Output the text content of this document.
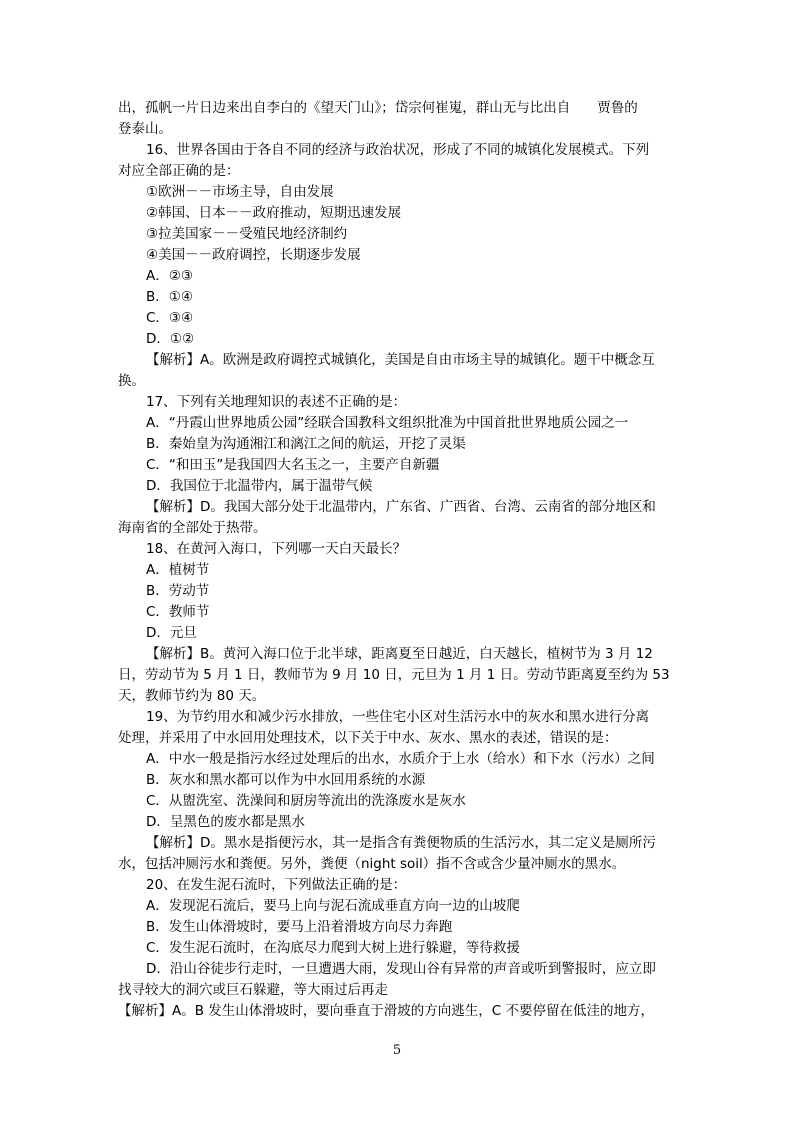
出，孤帆一片日边来出自李白的《望天门山》；岱宗何崔嵬，群山无与比出自　　贾鲁的
登泰山。
16、世界各国由于各自不同的经济与政治状况，形成了不同的城镇化发展模式。下列
对应全部正确的是：
①欧洲－－市场主导，自由发展
②韩国、日本－－政府推动，短期迅速发展
③拉美国家－－受殖民地经济制约
④美国－－政府调控，长期逐步发展
A．②③
B．①④
C．③④
D．①②
【解析】A。欧洲是政府调控式城镇化，美国是自由市场主导的城镇化。题干中概念互
换。
17、下列有关地理知识的表述不正确的是：
A．“丹霞山世界地质公园”经联合国教科文组织批准为中国首批世界地质公园之一
B．秦始皇为沟通湘江和漓江之间的航运，开挖了灵渠
C．“和田玉”是我国四大名玉之一，主要产自新疆
D．我国位于北温带内，属于温带气候
【解析】D。我国大部分处于北温带内，广东省、广西省、台湾、云南省的部分地区和
海南省的全部处于热带。
18、在黄河入海口，下列哪一天白天最长？
A．植树节
B．劳动节
C．教师节
D．元旦
【解析】B。黄河入海口位于北半球，距离夏至日越近，白天越长，植树节为 3 月 12
日，劳动节为 5 月 1 日，教师节为 9 月 10 日，元旦为 1 月 1 日。劳动节距离夏至约为 53
天，教师节约为 80 天。
19、为节约用水和减少污水排放，一些住宅小区对生活污水中的灰水和黑水进行分离
处理，并采用了中水回用处理技术，以下关于中水、灰水、黑水的表述，错误的是：
A．中水一般是指污水经过处理后的出水，水质介于上水（给水）和下水（污水）之间
B．灰水和黑水都可以作为中水回用系统的水源
C．从盥洗室、洗澡间和厨房等流出的洗涤废水是灰水
D．呈黑色的废水都是黑水
【解析】D。黑水是指便污水，其一是指含有粪便物质的生活污水，其二定义是厕所污
水，包括冲厕污水和粪便。另外，粪便（night soil）指不含或含少量冲厕水的黑水。
20、在发生泥石流时，下列做法正确的是：
A．发现泥石流后，要马上向与泥石流成垂直方向一边的山坡爬
B．发生山体滑坡时，要马上沿着滑坡方向尽力奔跑
C．发生泥石流时，在沟底尽力爬到大树上进行躲避，等待救援
D．沿山谷徒步行走时，一旦遭遇大雨，发现山谷有异常的声音或听到警报时，应立即
找寻较大的洞穴或巨石躲避，等大雨过后再走
【解析】A。B 发生山体滑坡时，要向垂直于滑坡的方向逃生，C 不要停留在低洼的地方，
5
